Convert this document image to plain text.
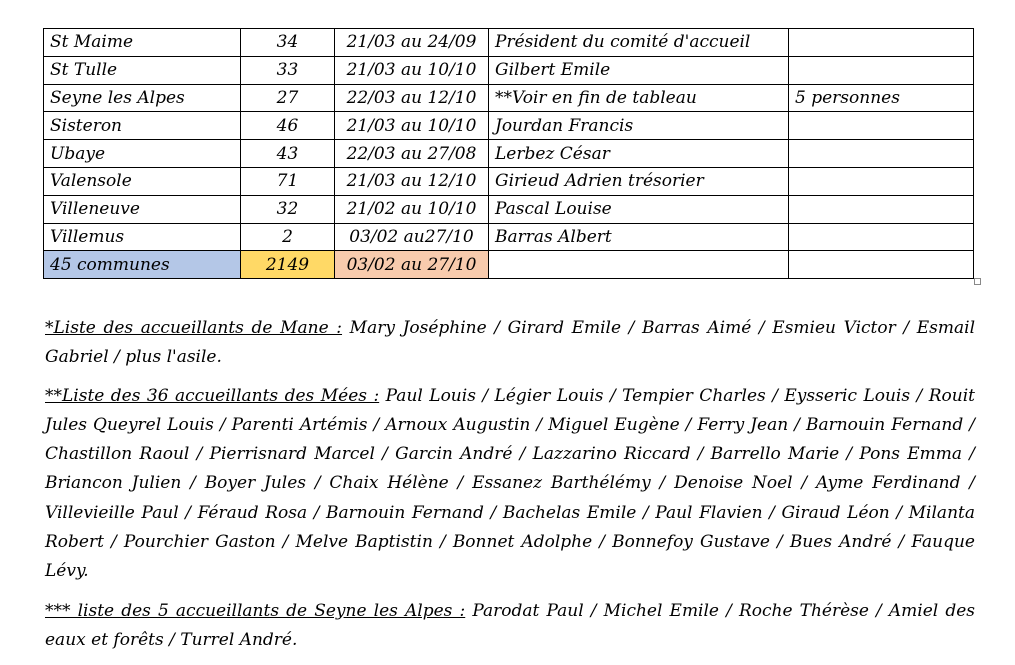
St Maime	34	21/03 au 24/09	Président du comité d'accueil	
St Tulle	33	21/03 au 10/10	Gilbert Emile	
Seyne les Alpes	27	22/03 au 12/10	**Voir en fin de tableau	5 personnes
Sisteron	46	21/03 au 10/10	Jourdan Francis	
Ubaye	43	22/03 au 27/08	Lerbez César	
Valensole	71	21/03 au 12/10	Girieud Adrien trésorier	
Villeneuve	32	21/02 au 10/10	Pascal Louise	
Villemus	2	03/02 au27/10	Barras Albert	
45 communes	2149	03/02 au 27/10		

*Liste des accueillants de Mane : Mary Joséphine / Girard Emile / Barras Aimé / Esmieu Victor / Esmail Gabriel / plus l'asile.

**Liste des 36 accueillants des Mées : Paul Louis / Légier Louis / Tempier Charles / Eysseric Louis / Rouit Jules Queyrel Louis / Parenti Artémis / Arnoux Augustin / Miguel Eugène / Ferry Jean / Barnouin Fernand / Chastillon Raoul / Pierrisnard Marcel / Garcin André / Lazzarino Riccard / Barrello Marie / Pons Emma / Briancon Julien / Boyer Jules / Chaix Hélène / Essanez Barthélémy / Denoise Noel / Ayme Ferdinand / Villevieille Paul / Féraud Rosa / Barnouin Fernand / Bachelas Emile / Paul Flavien / Giraud Léon / Milanta Robert / Pourchier Gaston / Melve Baptistin / Bonnet Adolphe / Bonnefoy Gustave / Bues André / Fauque Lévy.

*** liste des 5 accueillants de Seyne les Alpes : Parodat Paul / Michel Emile / Roche Thérèse / Amiel des eaux et forêts / Turrel André.
